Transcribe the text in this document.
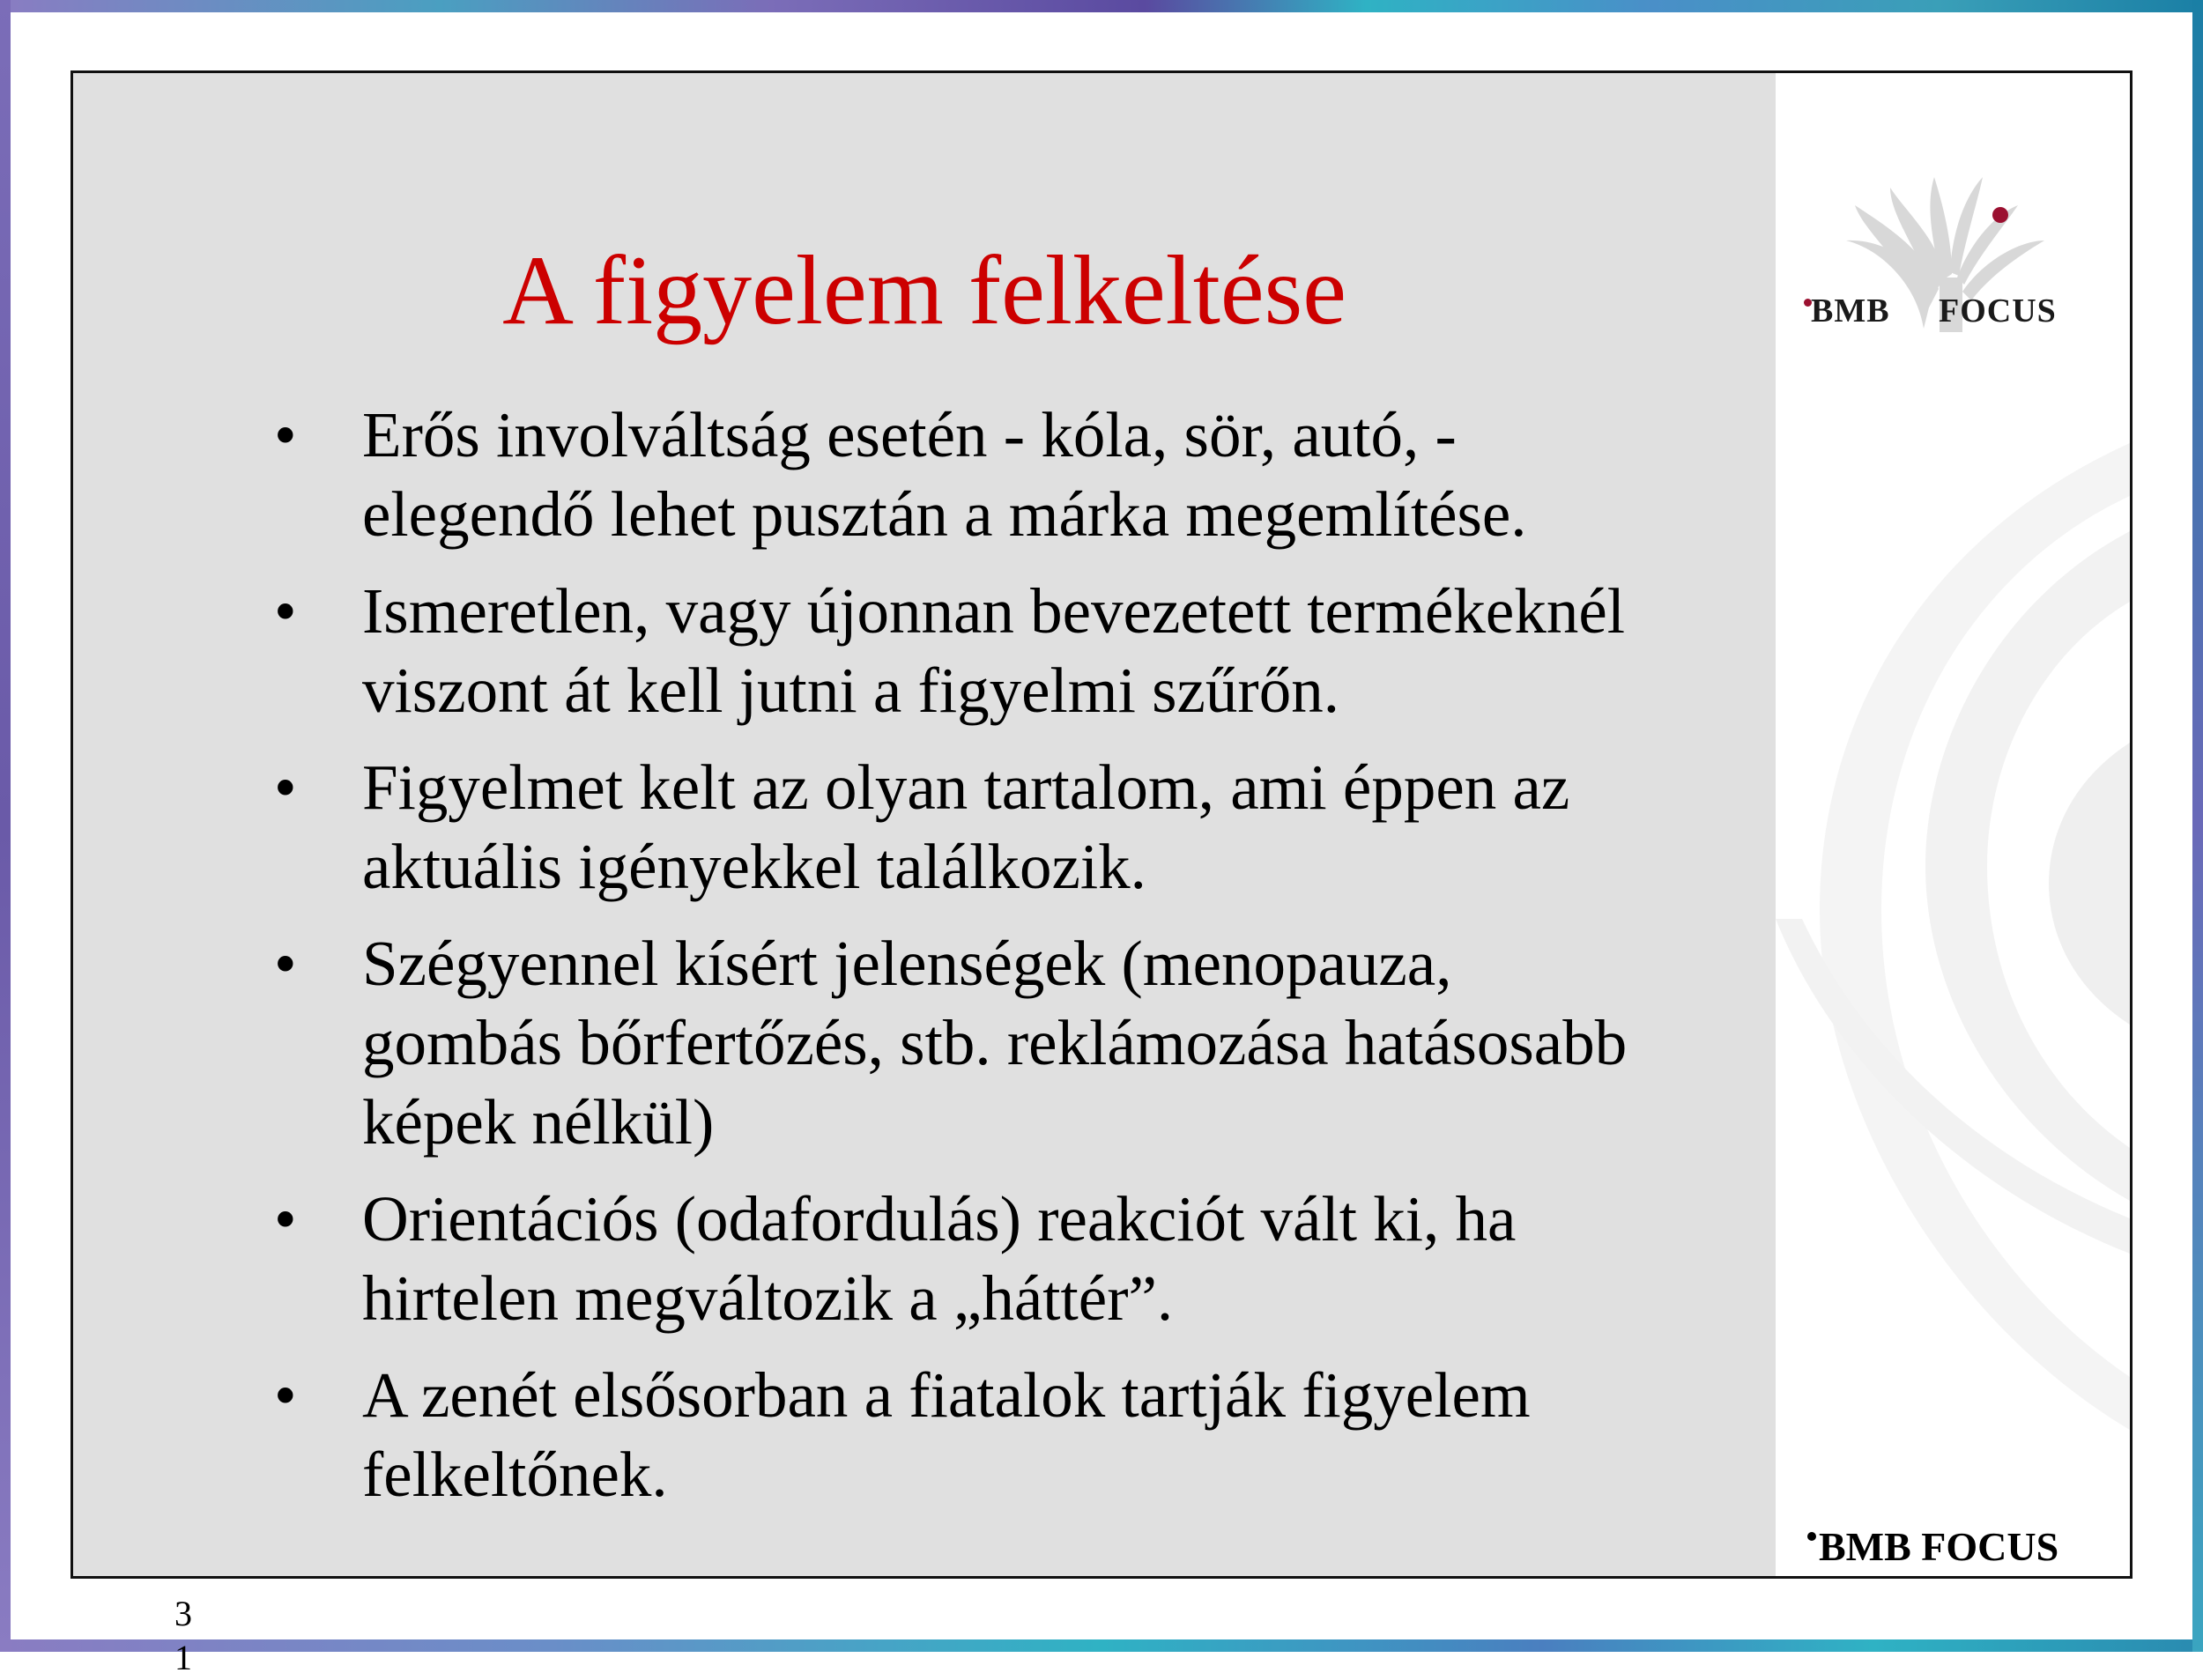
A figyelem felkeltése
• Erős involváltság esetén - kóla, sör, autó, -
elegendő lehet pusztán a márka megemlítése.
• Ismeretlen, vagy újonnan bevezetett termékeknél
viszont át kell jutni a figyelmi szűrőn.
• Figyelmet kelt az olyan tartalom, ami éppen az
aktuális igényekkel találkozik.
• Szégyennel kísért jelenségek (menopauza,
gombás bőrfertőzés, stb. reklámozása hatásosabb
képek nélkül)
• Orientációs (odafordulás) reakciót vált ki, ha
hirtelen megváltozik a „háttér”.
• A zenét elsősorban a fiatalok tartják figyelem
felkeltőnek.
3
1
BMB FOCUS
BMB FOCUS
